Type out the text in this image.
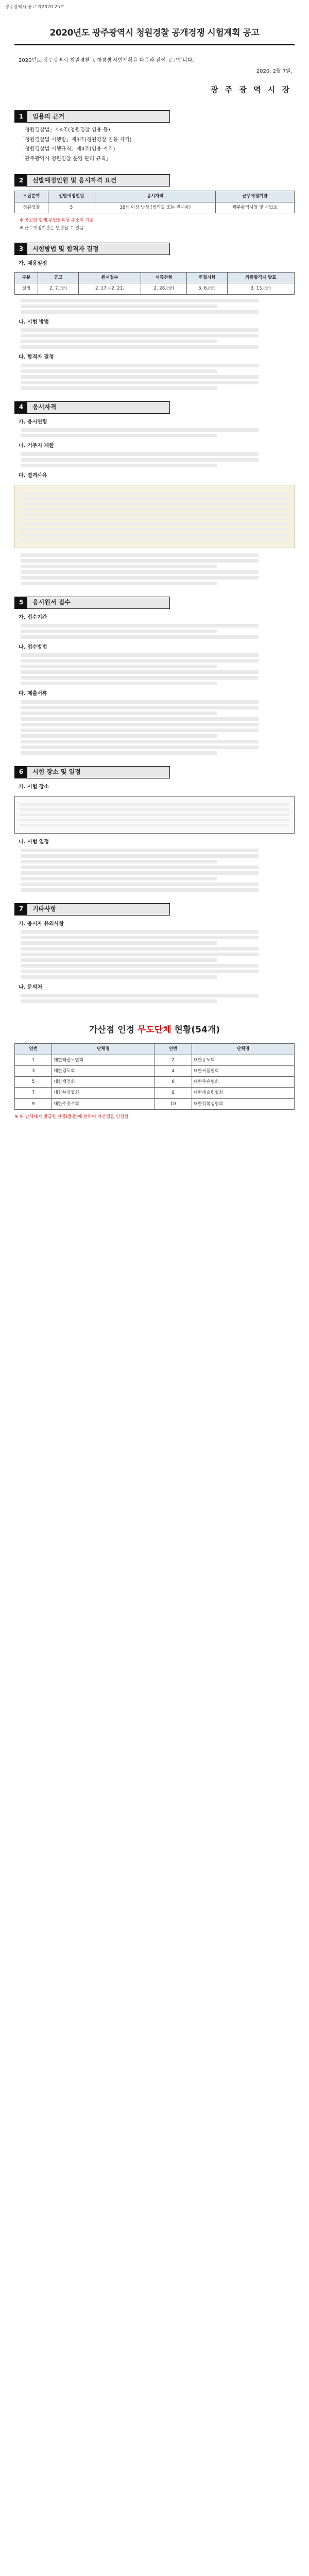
광주광역시 공고 제2020-25호
2020년도 광주광역시 청원경찰 공개경쟁 시험계획 공고

2020년도 광주광역시 청원경찰 공개경쟁 시험계획을 다음과 같이 공고합니다.

2020. 2월 7일.
광 주 광 역 시 장
1	임용의 근거

「청원경찰법」제4조(청원경찰 임용 등)

「청원경찰법 시행령」제3조(청원경찰 임용 자격)

「청원경찰법 시행규칙」제4조(임용 자격)

「광주광역시 청원경찰 운영 관리 규칙」

2	선발예정인원 및 응시자격 요건
모집분야	선발예정인원	응시자격	근무예정기관
청원경찰	5	18세 이상 남성 (병역필 또는 면제자)	광주광역시청 및 사업소

※ 공고일 현재 주민등록상 주소지 기준

※ 근무예정기관은 변경될 수 있음

3	시험방법 및 합격자 결정
가. 채용일정
구분	공고	원서접수	서류전형	면접시험	최종합격자 발표
일정	2. 7.(금)	2. 17.~2. 21.	2. 28.(금)	3. 6.(금)	3. 13.(금)
나. 시험 방법
다. 합격자 결정
4	응시자격
가. 응시연령
나. 거주지 제한
다. 결격사유
5	응시원서 접수
가. 접수기간
나. 접수방법
다. 제출서류
6	시험 장소 및 일정
가. 시험 장소
나. 시험 일정
7	기타사항
가. 응시자 유의사항
나. 문의처
가산점 인정 무도단체 현황(54개)
연번	단체명	연번	단체명
1	대한태권도협회	2	대한유도회
3	대한검도회	4	대한씨름협회
5	대한택견회	6	대한우슈협회
7	대한복싱협회	8	대한레슬링협회
9	대한주짓수회	10	대한킥복싱협회

※ 위 단체에서 발급한 단증(품증)에 한하여 가산점을 인정함
